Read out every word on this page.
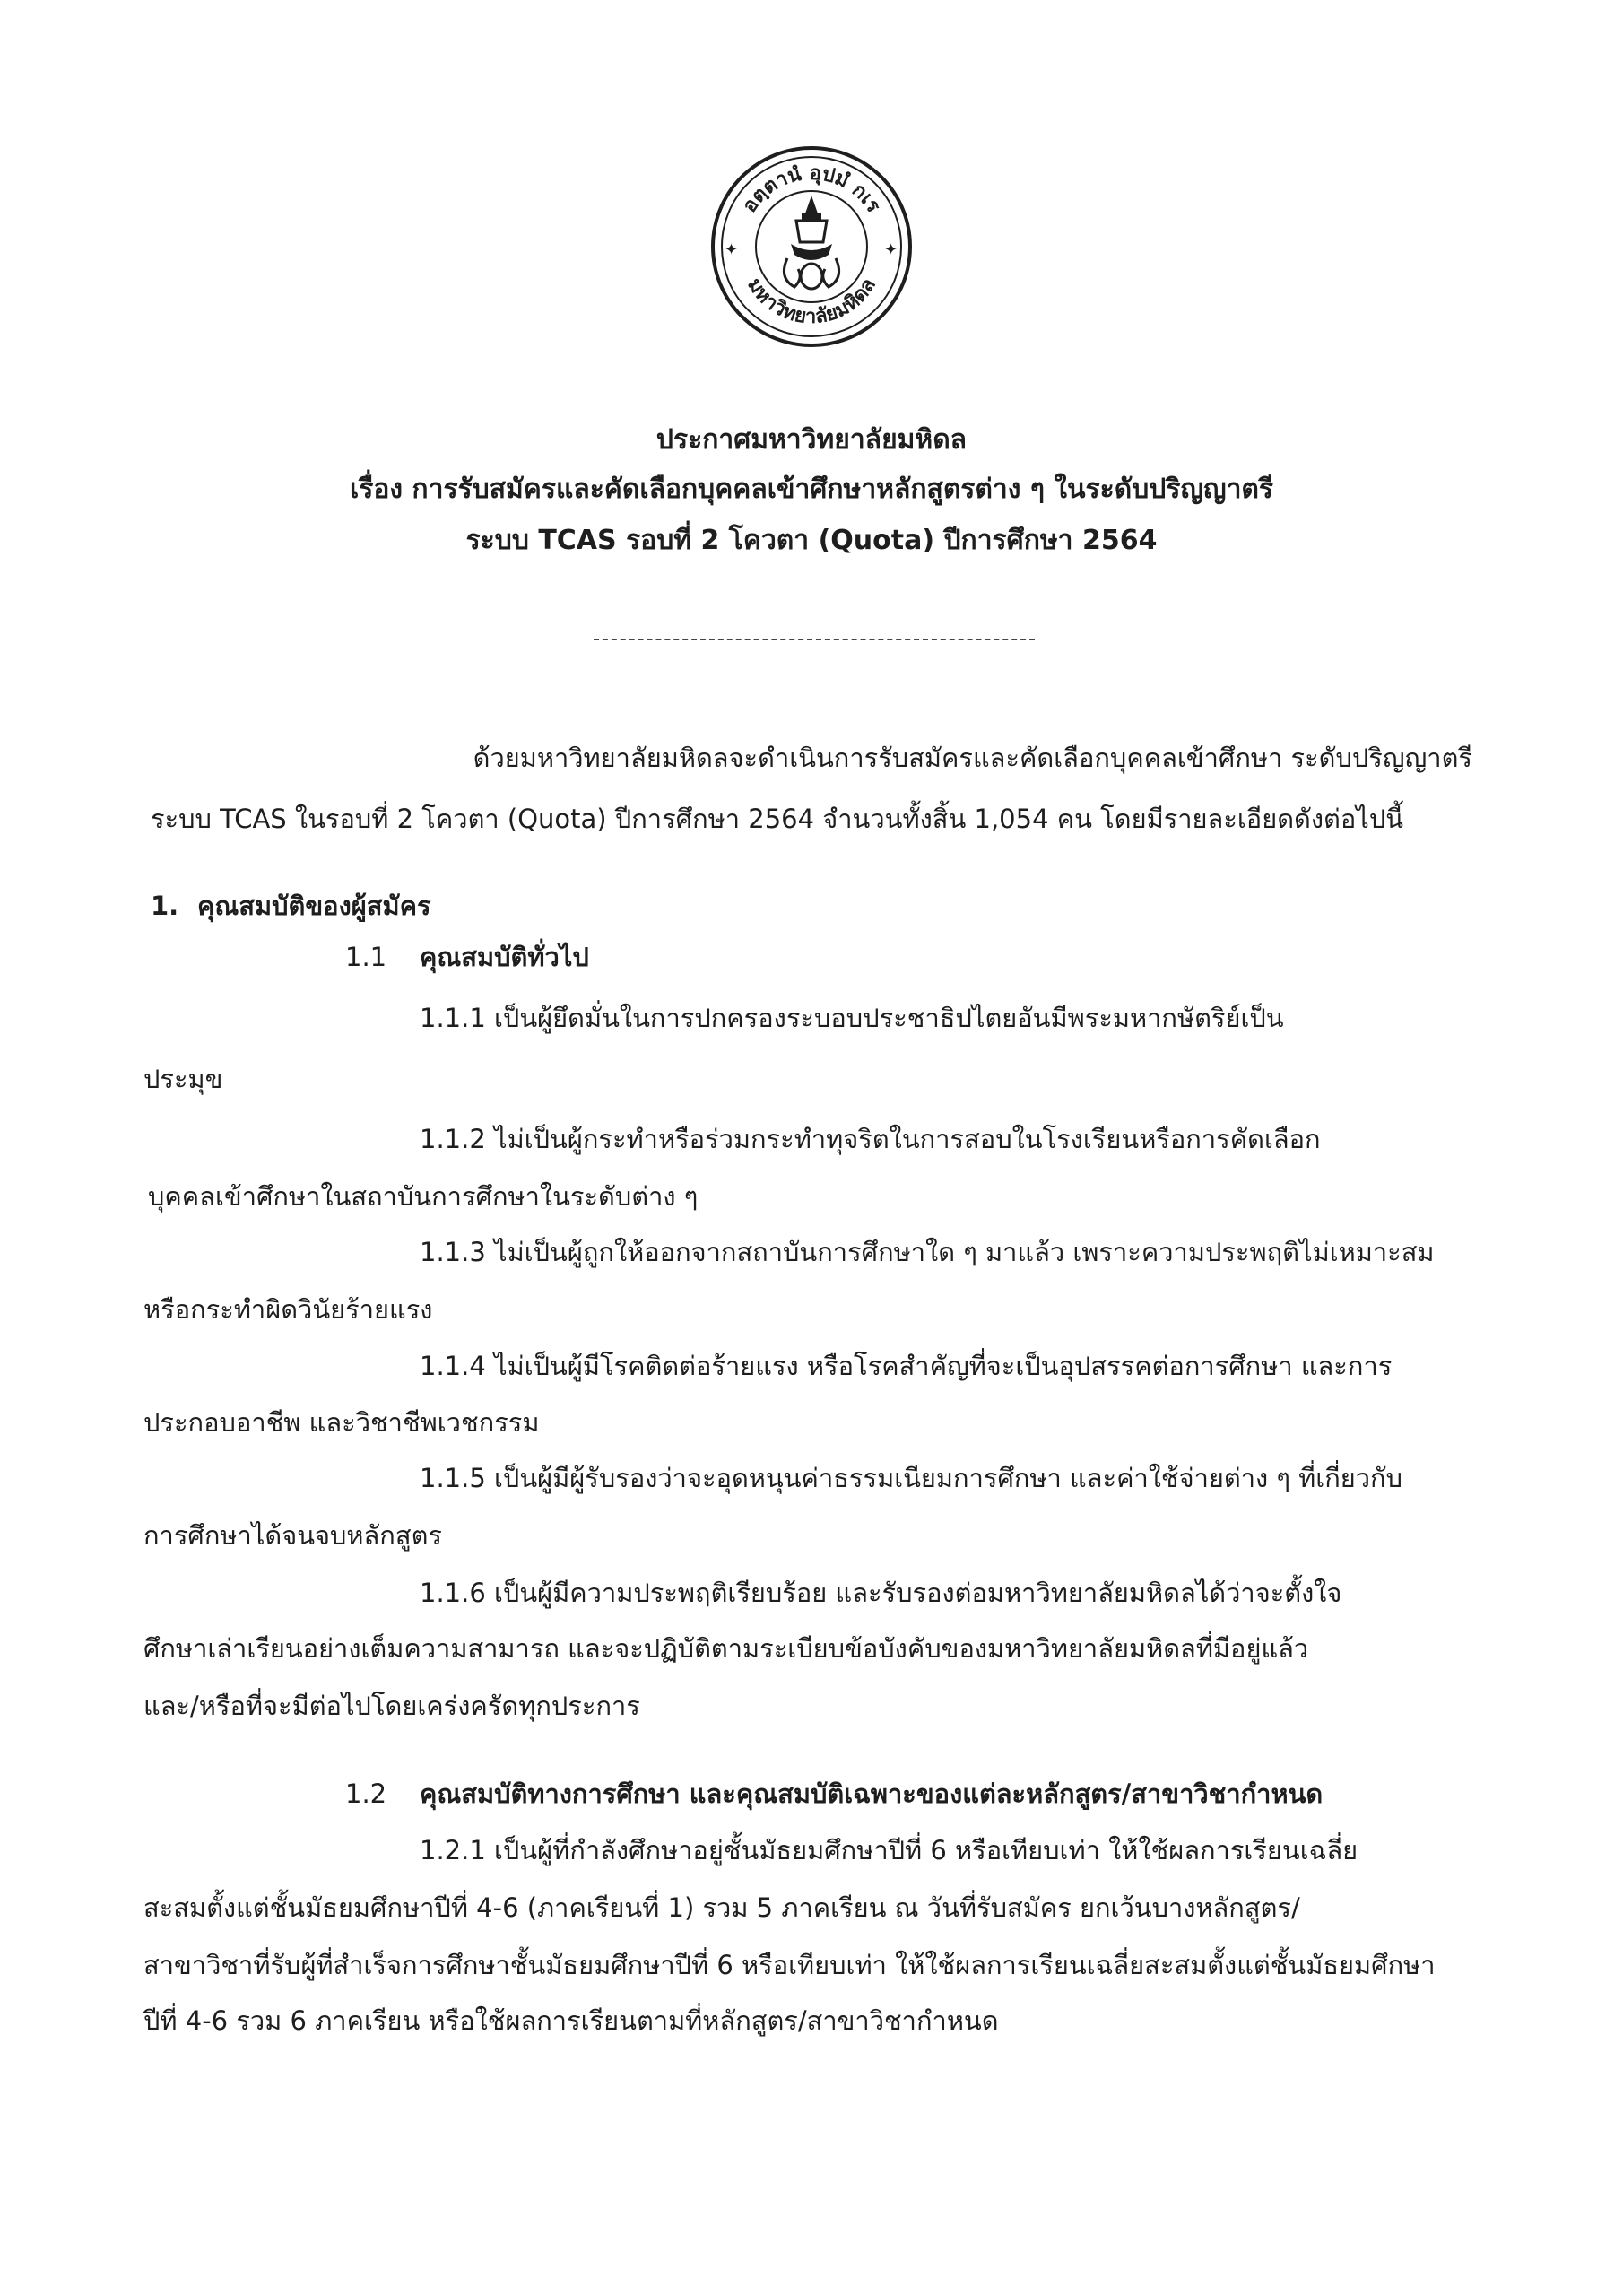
อตฺตานํ อุปมํ กเร
มหาวิทยาลัยมหิดล
✦	✦
ประกาศมหาวิทยาลัยมหิดล
เรื่อง การรับสมัครและคัดเลือกบุคคลเข้าศึกษาหลักสูตรต่าง ๆ ในระดับปริญญาตรี
ระบบ TCAS รอบที่ 2 โควตา (Quota) ปีการศึกษา 2564
ด้วยมหาวิทยาลัยมหิดลจะดำเนินการรับสมัครและคัดเลือกบุคคลเข้าศึกษา ระดับปริญญาตรี
ระบบ TCAS ในรอบที่ 2 โควตา (Quota) ปีการศึกษา 2564 จำนวนทั้งสิ้น 1,054 คน โดยมีรายละเอียดดังต่อไปนี้
1. คุณสมบัติของผู้สมัคร
1.1 คุณสมบัติทั่วไป
1.1.1 เป็นผู้ยึดมั่นในการปกครองระบอบประชาธิปไตยอันมีพระมหากษัตริย์เป็น
ประมุข
1.1.2 ไม่เป็นผู้กระทำหรือร่วมกระทำทุจริตในการสอบในโรงเรียนหรือการคัดเลือก
บุคคลเข้าศึกษาในสถาบันการศึกษาในระดับต่าง ๆ
1.1.3 ไม่เป็นผู้ถูกให้ออกจากสถาบันการศึกษาใด ๆ มาแล้ว เพราะความประพฤติไม่เหมาะสม
หรือกระทำผิดวินัยร้ายแรง
1.1.4 ไม่เป็นผู้มีโรคติดต่อร้ายแรง หรือโรคสำคัญที่จะเป็นอุปสรรคต่อการศึกษา และการ
ประกอบอาชีพ และวิชาชีพเวชกรรม
1.1.5 เป็นผู้มีผู้รับรองว่าจะอุดหนุนค่าธรรมเนียมการศึกษา และค่าใช้จ่ายต่าง ๆ ที่เกี่ยวกับ
การศึกษาได้จนจบหลักสูตร
1.1.6 เป็นผู้มีความประพฤติเรียบร้อย และรับรองต่อมหาวิทยาลัยมหิดลได้ว่าจะตั้งใจ
ศึกษาเล่าเรียนอย่างเต็มความสามารถ และจะปฏิบัติตามระเบียบข้อบังคับของมหาวิทยาลัยมหิดลที่มีอยู่แล้ว
และ/หรือที่จะมีต่อไปโดยเคร่งครัดทุกประการ
1.2 คุณสมบัติทางการศึกษา และคุณสมบัติเฉพาะของแต่ละหลักสูตร/สาขาวิชากำหนด
1.2.1 เป็นผู้ที่กำลังศึกษาอยู่ชั้นมัธยมศึกษาปีที่ 6 หรือเทียบเท่า ให้ใช้ผลการเรียนเฉลี่ย
สะสมตั้งแต่ชั้นมัธยมศึกษาปีที่ 4-6 (ภาคเรียนที่ 1) รวม 5 ภาคเรียน ณ วันที่รับสมัคร ยกเว้นบางหลักสูตร/
สาขาวิชาที่รับผู้ที่สำเร็จการศึกษาชั้นมัธยมศึกษาปีที่ 6 หรือเทียบเท่า ให้ใช้ผลการเรียนเฉลี่ยสะสมตั้งแต่ชั้นมัธยมศึกษา
ปีที่ 4-6 รวม 6 ภาคเรียน หรือใช้ผลการเรียนตามที่หลักสูตร/สาขาวิชากำหนด
